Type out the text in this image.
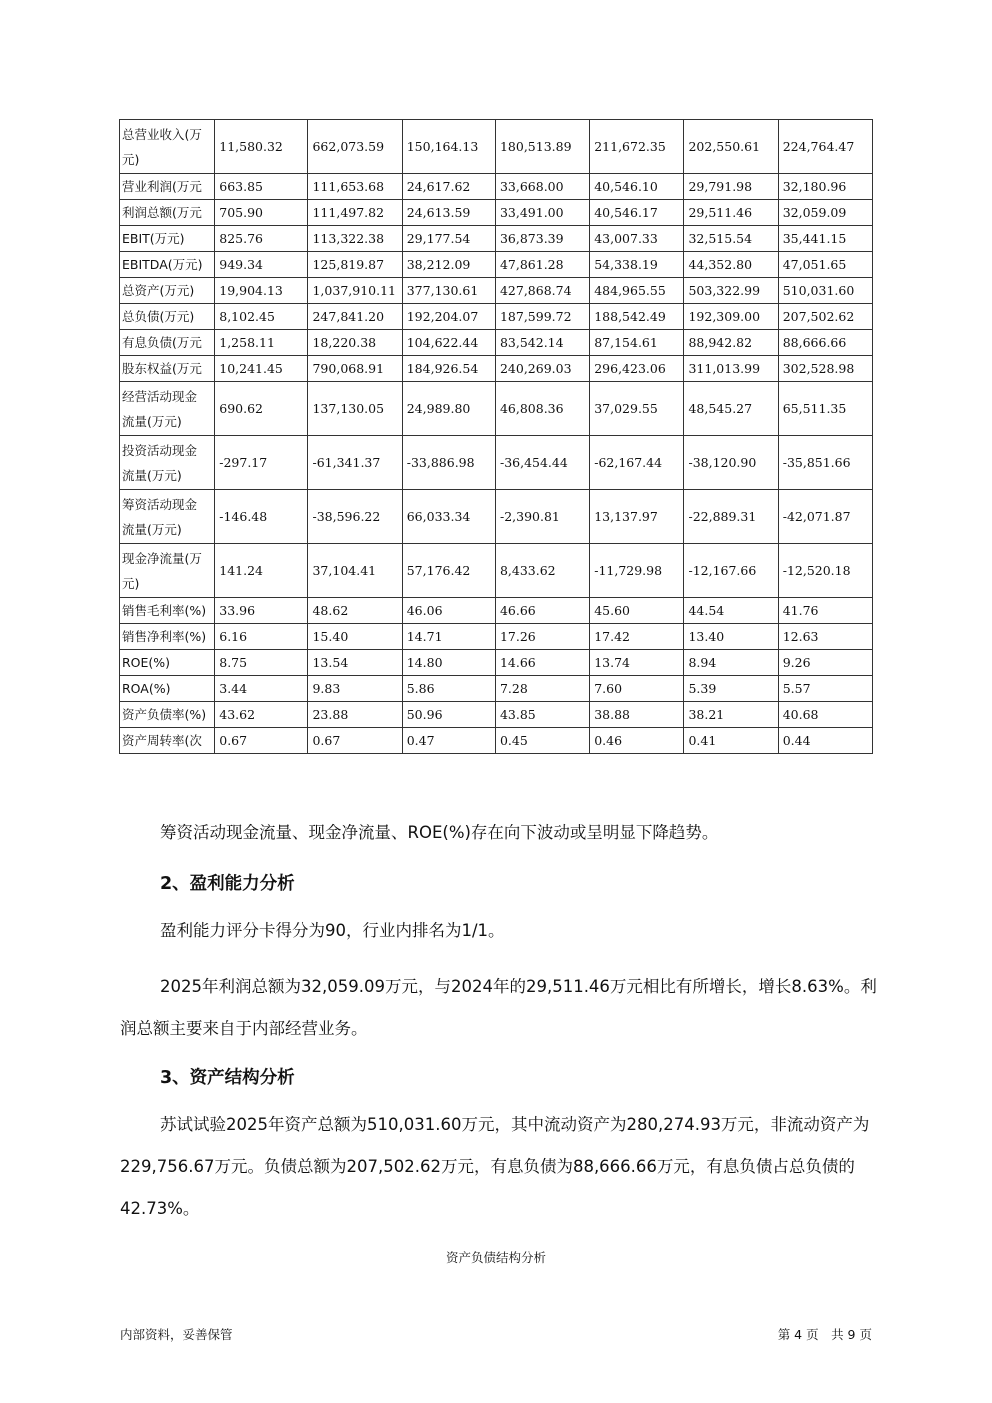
总营业收入(万元)	11,580.32	662,073.59	150,164.13	180,513.89	211,672.35	202,550.61	224,764.47
营业利润(万元	663.85	111,653.68	24,617.62	33,668.00	40,546.10	29,791.98	32,180.96
利润总额(万元	705.90	111,497.82	24,613.59	33,491.00	40,546.17	29,511.46	32,059.09
EBIT(万元)	825.76	113,322.38	29,177.54	36,873.39	43,007.33	32,515.54	35,441.15
EBITDA(万元)	949.34	125,819.87	38,212.09	47,861.28	54,338.19	44,352.80	47,051.65
总资产(万元)	19,904.13	1,037,910.11	377,130.61	427,868.74	484,965.55	503,322.99	510,031.60
总负债(万元)	8,102.45	247,841.20	192,204.07	187,599.72	188,542.49	192,309.00	207,502.62
有息负债(万元	1,258.11	18,220.38	104,622.44	83,542.14	87,154.61	88,942.82	88,666.66
股东权益(万元	10,241.45	790,068.91	184,926.54	240,269.03	296,423.06	311,013.99	302,528.98
经营活动现金流量(万元)	690.62	137,130.05	24,989.80	46,808.36	37,029.55	48,545.27	65,511.35
投资活动现金流量(万元)	-297.17	-61,341.37	-33,886.98	-36,454.44	-62,167.44	-38,120.90	-35,851.66
筹资活动现金流量(万元)	-146.48	-38,596.22	66,033.34	-2,390.81	13,137.97	-22,889.31	-42,071.87
现金净流量(万元)	141.24	37,104.41	57,176.42	8,433.62	-11,729.98	-12,167.66	-12,520.18
销售毛利率(%)	33.96	48.62	46.06	46.66	45.60	44.54	41.76
销售净利率(%)	6.16	15.40	14.71	17.26	17.42	13.40	12.63
ROE(%)	8.75	13.54	14.80	14.66	13.74	8.94	9.26
ROA(%)	3.44	9.83	5.86	7.28	7.60	5.39	5.57
资产负债率(%)	43.62	23.88	50.96	43.85	38.88	38.21	40.68
资产周转率(次	0.67	0.67	0.47	0.45	0.46	0.41	0.44
筹资活动现金流量、现金净流量、ROE(%)存在向下波动或呈明显下降趋势。
2、盈利能力分析
盈利能力评分卡得分为90，行业内排名为1/1。
2025年利润总额为32,059.09万元，与2024年的29,511.46万元相比有所增长，增长8.63%。利润总额主要来自于内部经营业务。
3、资产结构分析
苏试试验2025年资产总额为510,031.60万元，其中流动资产为280,274.93万元，非流动资产为229,756.67万元。负债总额为207,502.62万元，有息负债为88,666.66万元，有息负债占总负债的42.73%。
资产负债结构分析
内部资料，妥善保管	第 4 页　共 9 页
